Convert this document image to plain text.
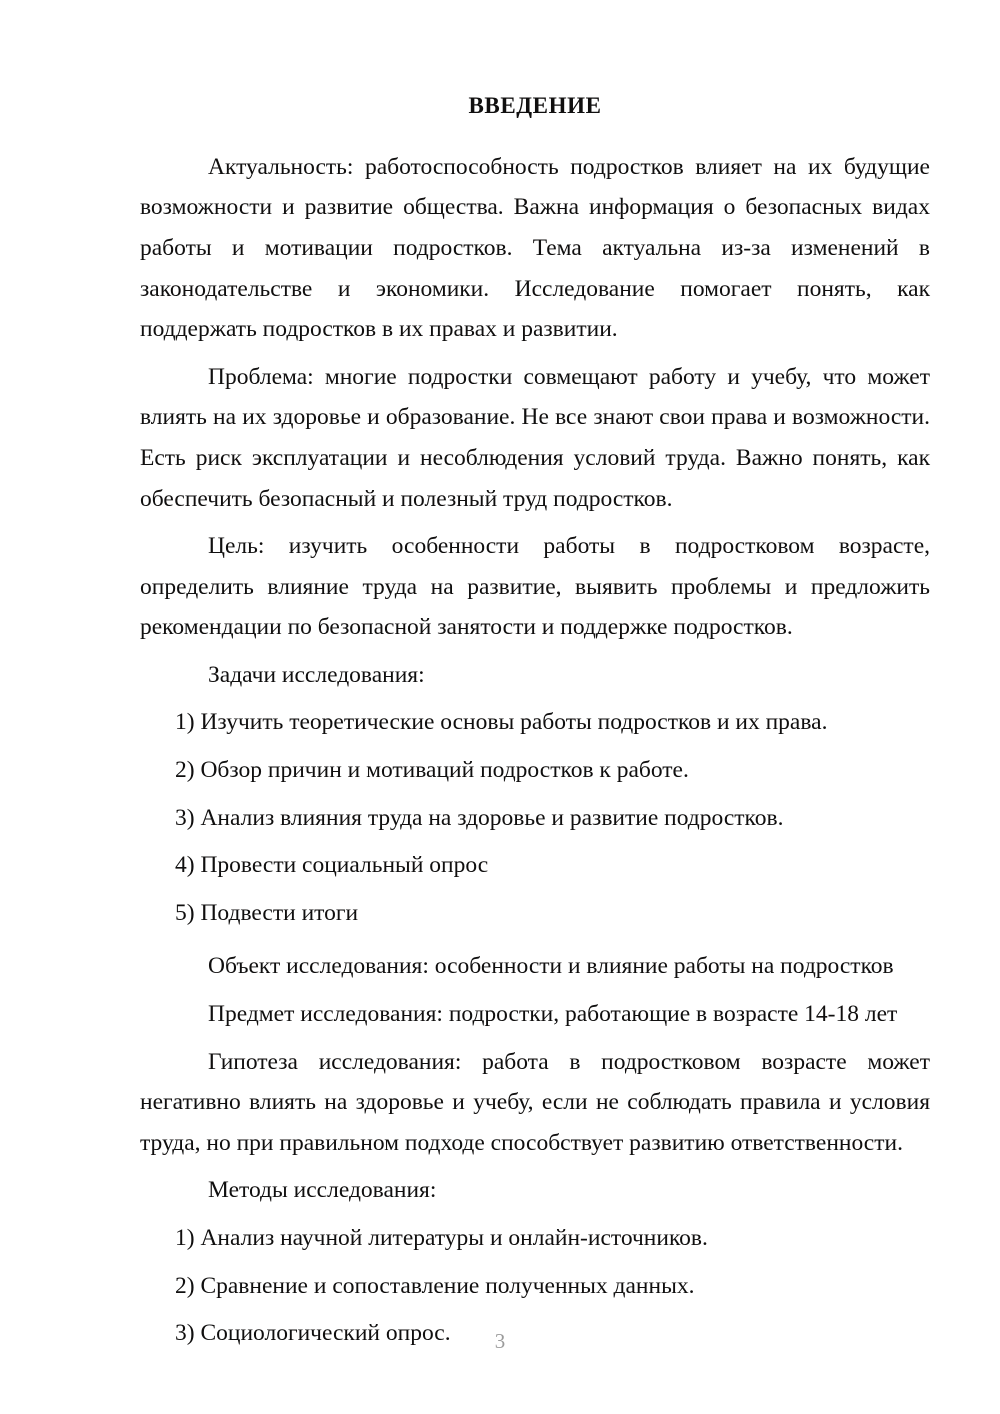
ВВЕДЕНИЕ

Актуальность: работоспособность подростков влияет на их будущие возможности и развитие общества. Важна информация о безопасных видах работы и мотивации подростков. Тема актуальна из-за изменений в законодательстве и экономики. Исследование помогает понять, как поддержать подростков в их правах и развитии.

Проблема: многие подростки совмещают работу и учебу, что может влиять на их здоровье и образование. Не все знают свои права и возможности. Есть риск эксплуатации и несоблюдения условий труда. Важно понять, как обеспечить безопасный и полезный труд подростков.

Цель: изучить особенности работы в подростковом возрасте, определить влияние труда на развитие, выявить проблемы и предложить рекомендации по безопасной занятости и поддержке подростков.

Задачи исследования:

1) Изучить теоретические основы работы подростков и их права.
2) Обзор причин и мотиваций подростков к работе.
3) Анализ влияния труда на здоровье и развитие подростков.
4) Провести социальный опрос
5) Подвести итоги

Объект исследования: особенности и влияние работы на подростков

Предмет исследования: подростки, работающие в возрасте 14-18 лет

Гипотеза исследования: работа в подростковом возрасте может негативно влиять на здоровье и учебу, если не соблюдать правила и условия труда, но при правильном подходе способствует развитию ответственности.

Методы исследования:

1) Анализ научной литературы и онлайн-источников.
2) Сравнение и сопоставление полученных данных.
3) Социологический опрос.	3
